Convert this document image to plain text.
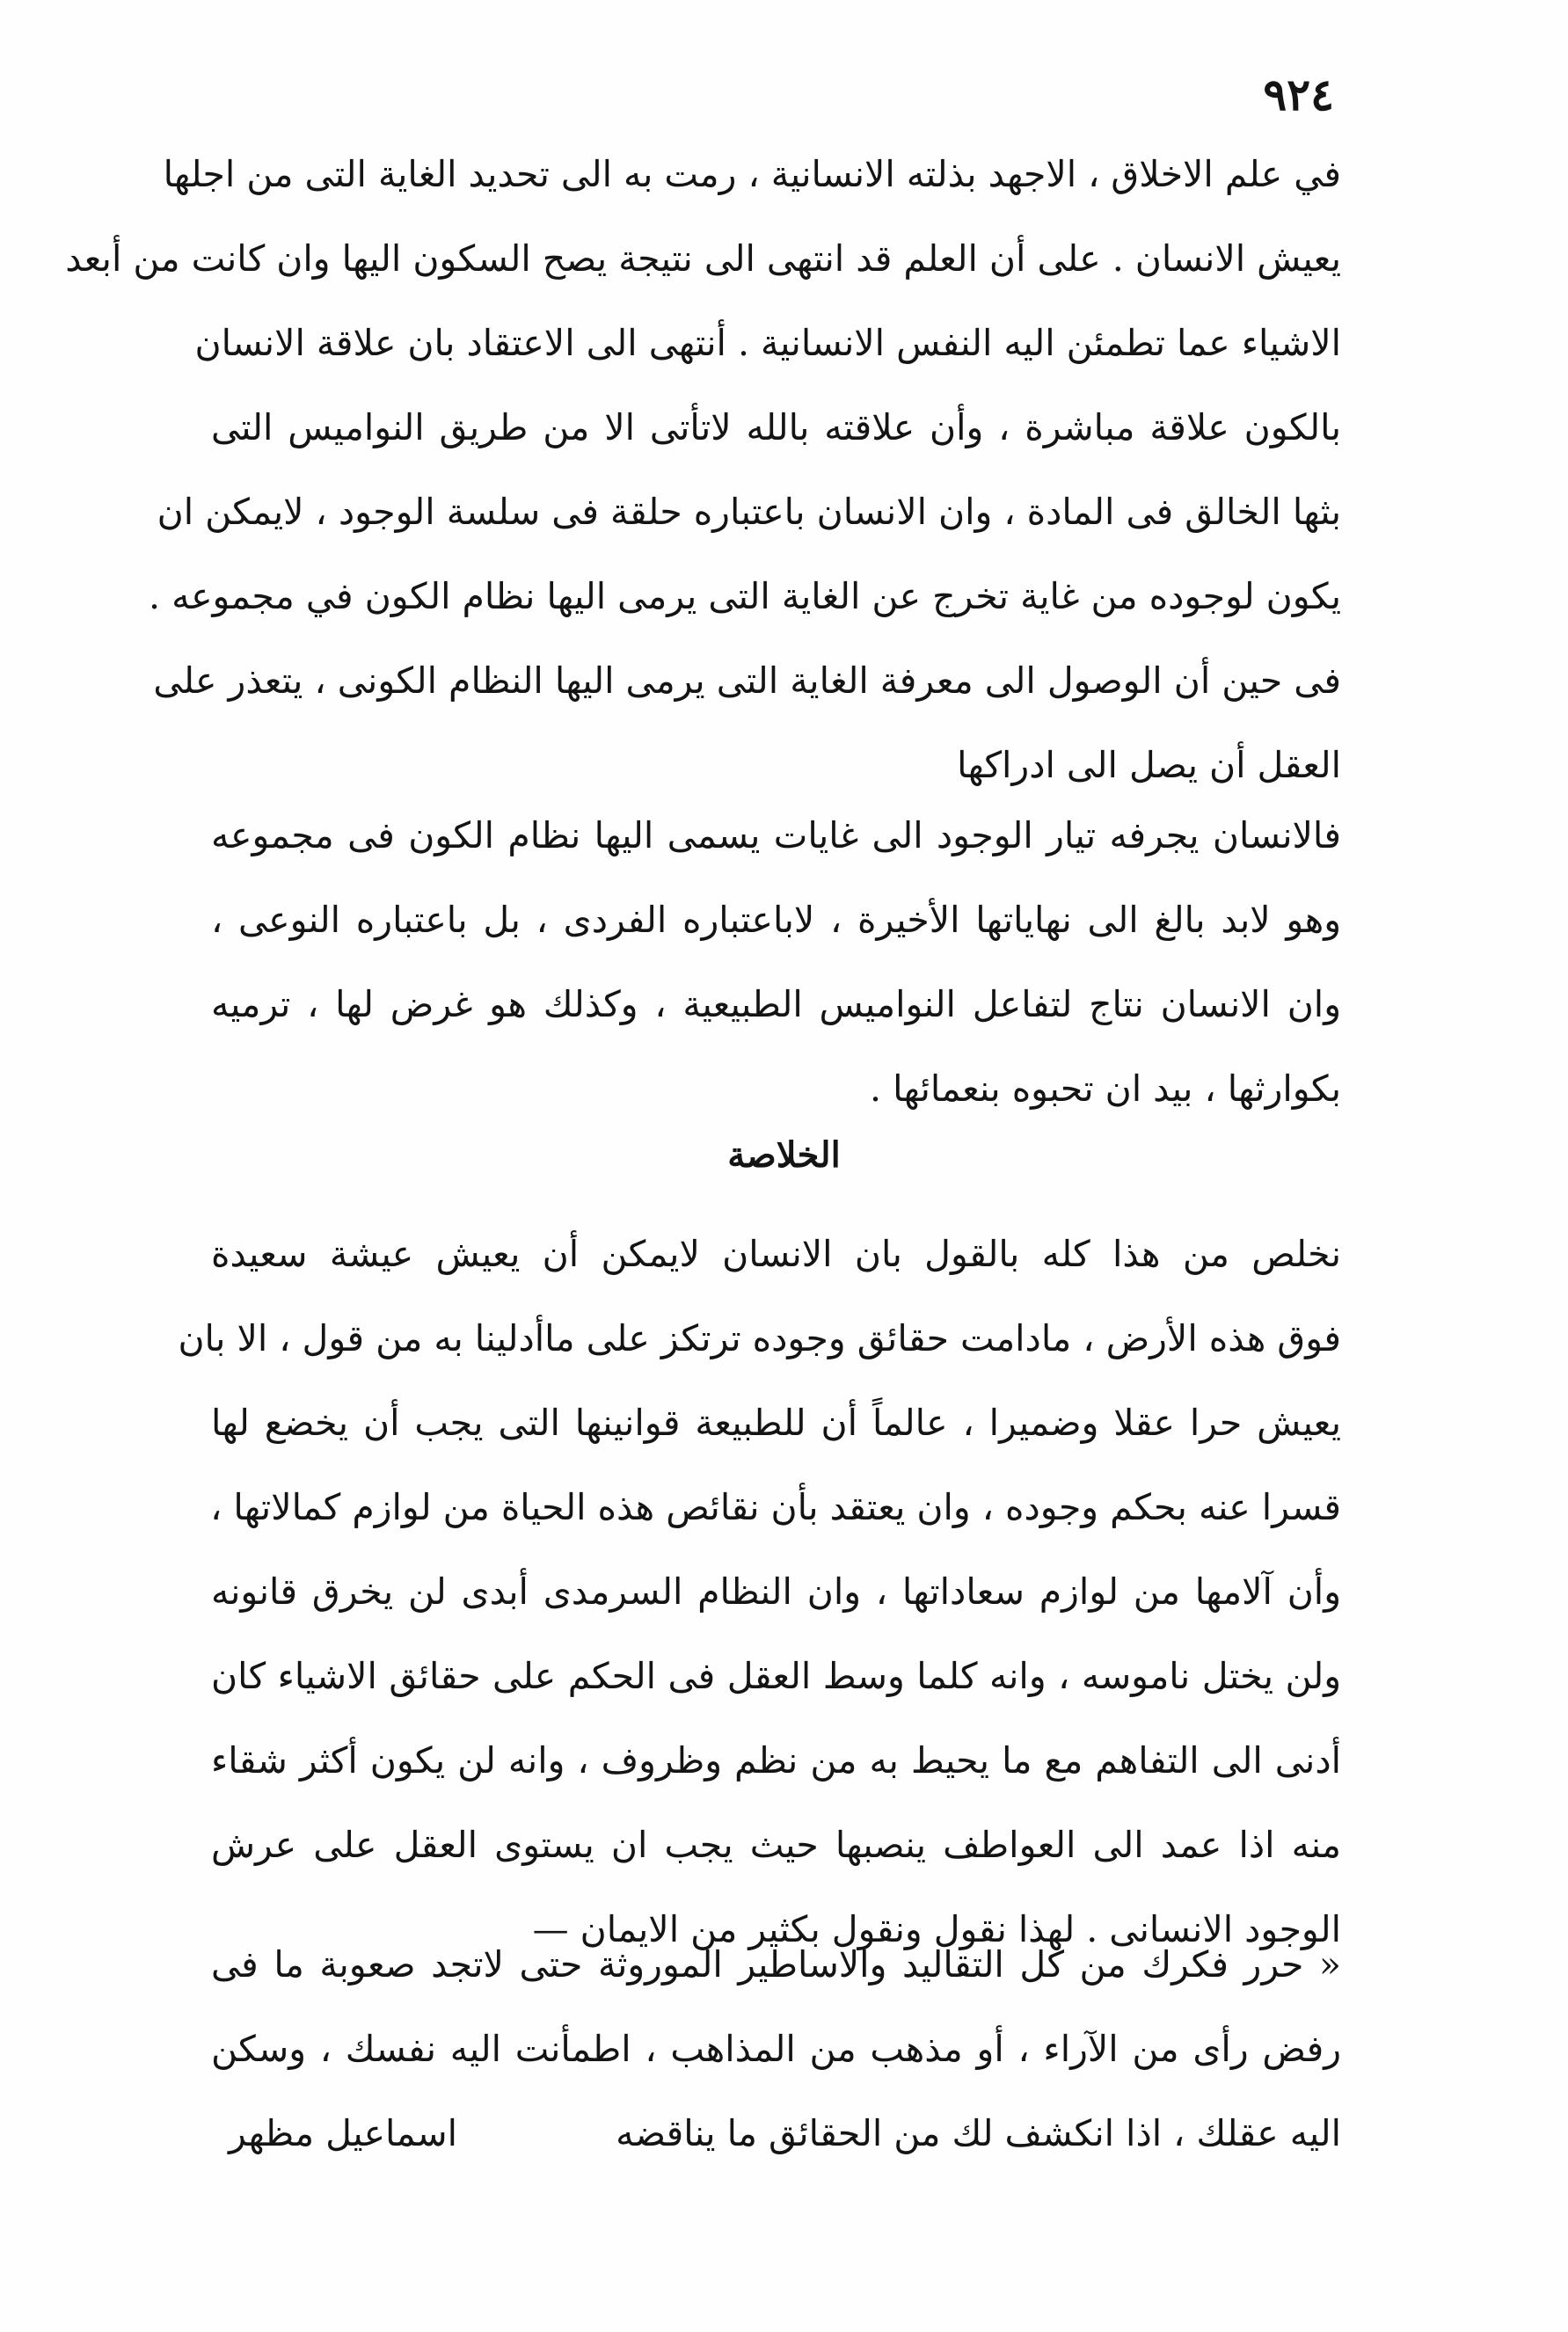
٩٢٤
في علم الاخلاق ، الاجهد بذلته الانسانية ، رمت به الى تحديد الغاية التى من اجلها
يعيش الانسان . على أن العلم قد انتهى الى نتيجة يصح السكون اليها وان كانت من أبعد
الاشياء عما تطمئن اليه النفس الانسانية . أنتهى الى الاعتقاد بان علاقة الانسان
بالكون علاقة مباشرة ، وأن علاقته بالله لاتأتى الا من طريق النواميس التى
بثها الخالق فى المادة ، وان الانسان باعتباره حلقة فى سلسة الوجود ، لايمكن ان
يكون لوجوده من غاية تخرج عن الغاية التى يرمى اليها نظام الكون في مجموعه .
فى حين أن الوصول الى معرفة الغاية التى يرمى اليها النظام الكونى ، يتعذر على
العقل أن يصل الى ادراكها
فالانسان يجرفه تيار الوجود الى غايات يسمى اليها نظام الكون فى مجموعه
وهو لابد بالغ الى نهاياتها الأخيرة ، لاباعتباره الفردى ، بل باعتباره النوعى ،
وان الانسان نتاج لتفاعل النواميس الطبيعية ، وكذلك هو غرض لها ، ترميه
بكوارثها ، بيد ان تحبوه بنعمائها .
الخلاصة
نخلص من هذا كله بالقول بان الانسان لايمكن أن يعيش عيشة سعيدة
فوق هذه الأرض ، مادامت حقائق وجوده ترتكز على ماأدلينا به من قول ، الا بان
يعيش حرا عقلا وضميرا ، عالماً أن للطبيعة قوانينها التى يجب أن يخضع لها
قسرا عنه بحكم وجوده ، وان يعتقد بأن نقائص هذه الحياة من لوازم كمالاتها ،
وأن آلامها من لوازم سعاداتها ، وان النظام السرمدى أبدى لن يخرق قانونه
ولن يختل ناموسه ، وانه كلما وسط العقل فى الحكم على حقائق الاشياء كان
أدنى الى التفاهم مع ما يحيط به من نظم وظروف ، وانه لن يكون أكثر شقاء
منه اذا عمد الى العواطف ينصبها حيث يجب ان يستوى العقل على عرش
الوجود الانسانى . لهذا نقول ونقول بكثير من الايمان —
« حرر فكرك من كل التقاليد والاساطير الموروثة حتى لاتجد صعوبة ما فى
رفض رأى من الآراء ، أو مذهب من المذاهب ، اطمأنت اليه نفسك ، وسكن
اليه عقلك ، اذا انكشف لك من الحقائق ما يناقضه
اسماعيل مظهر
